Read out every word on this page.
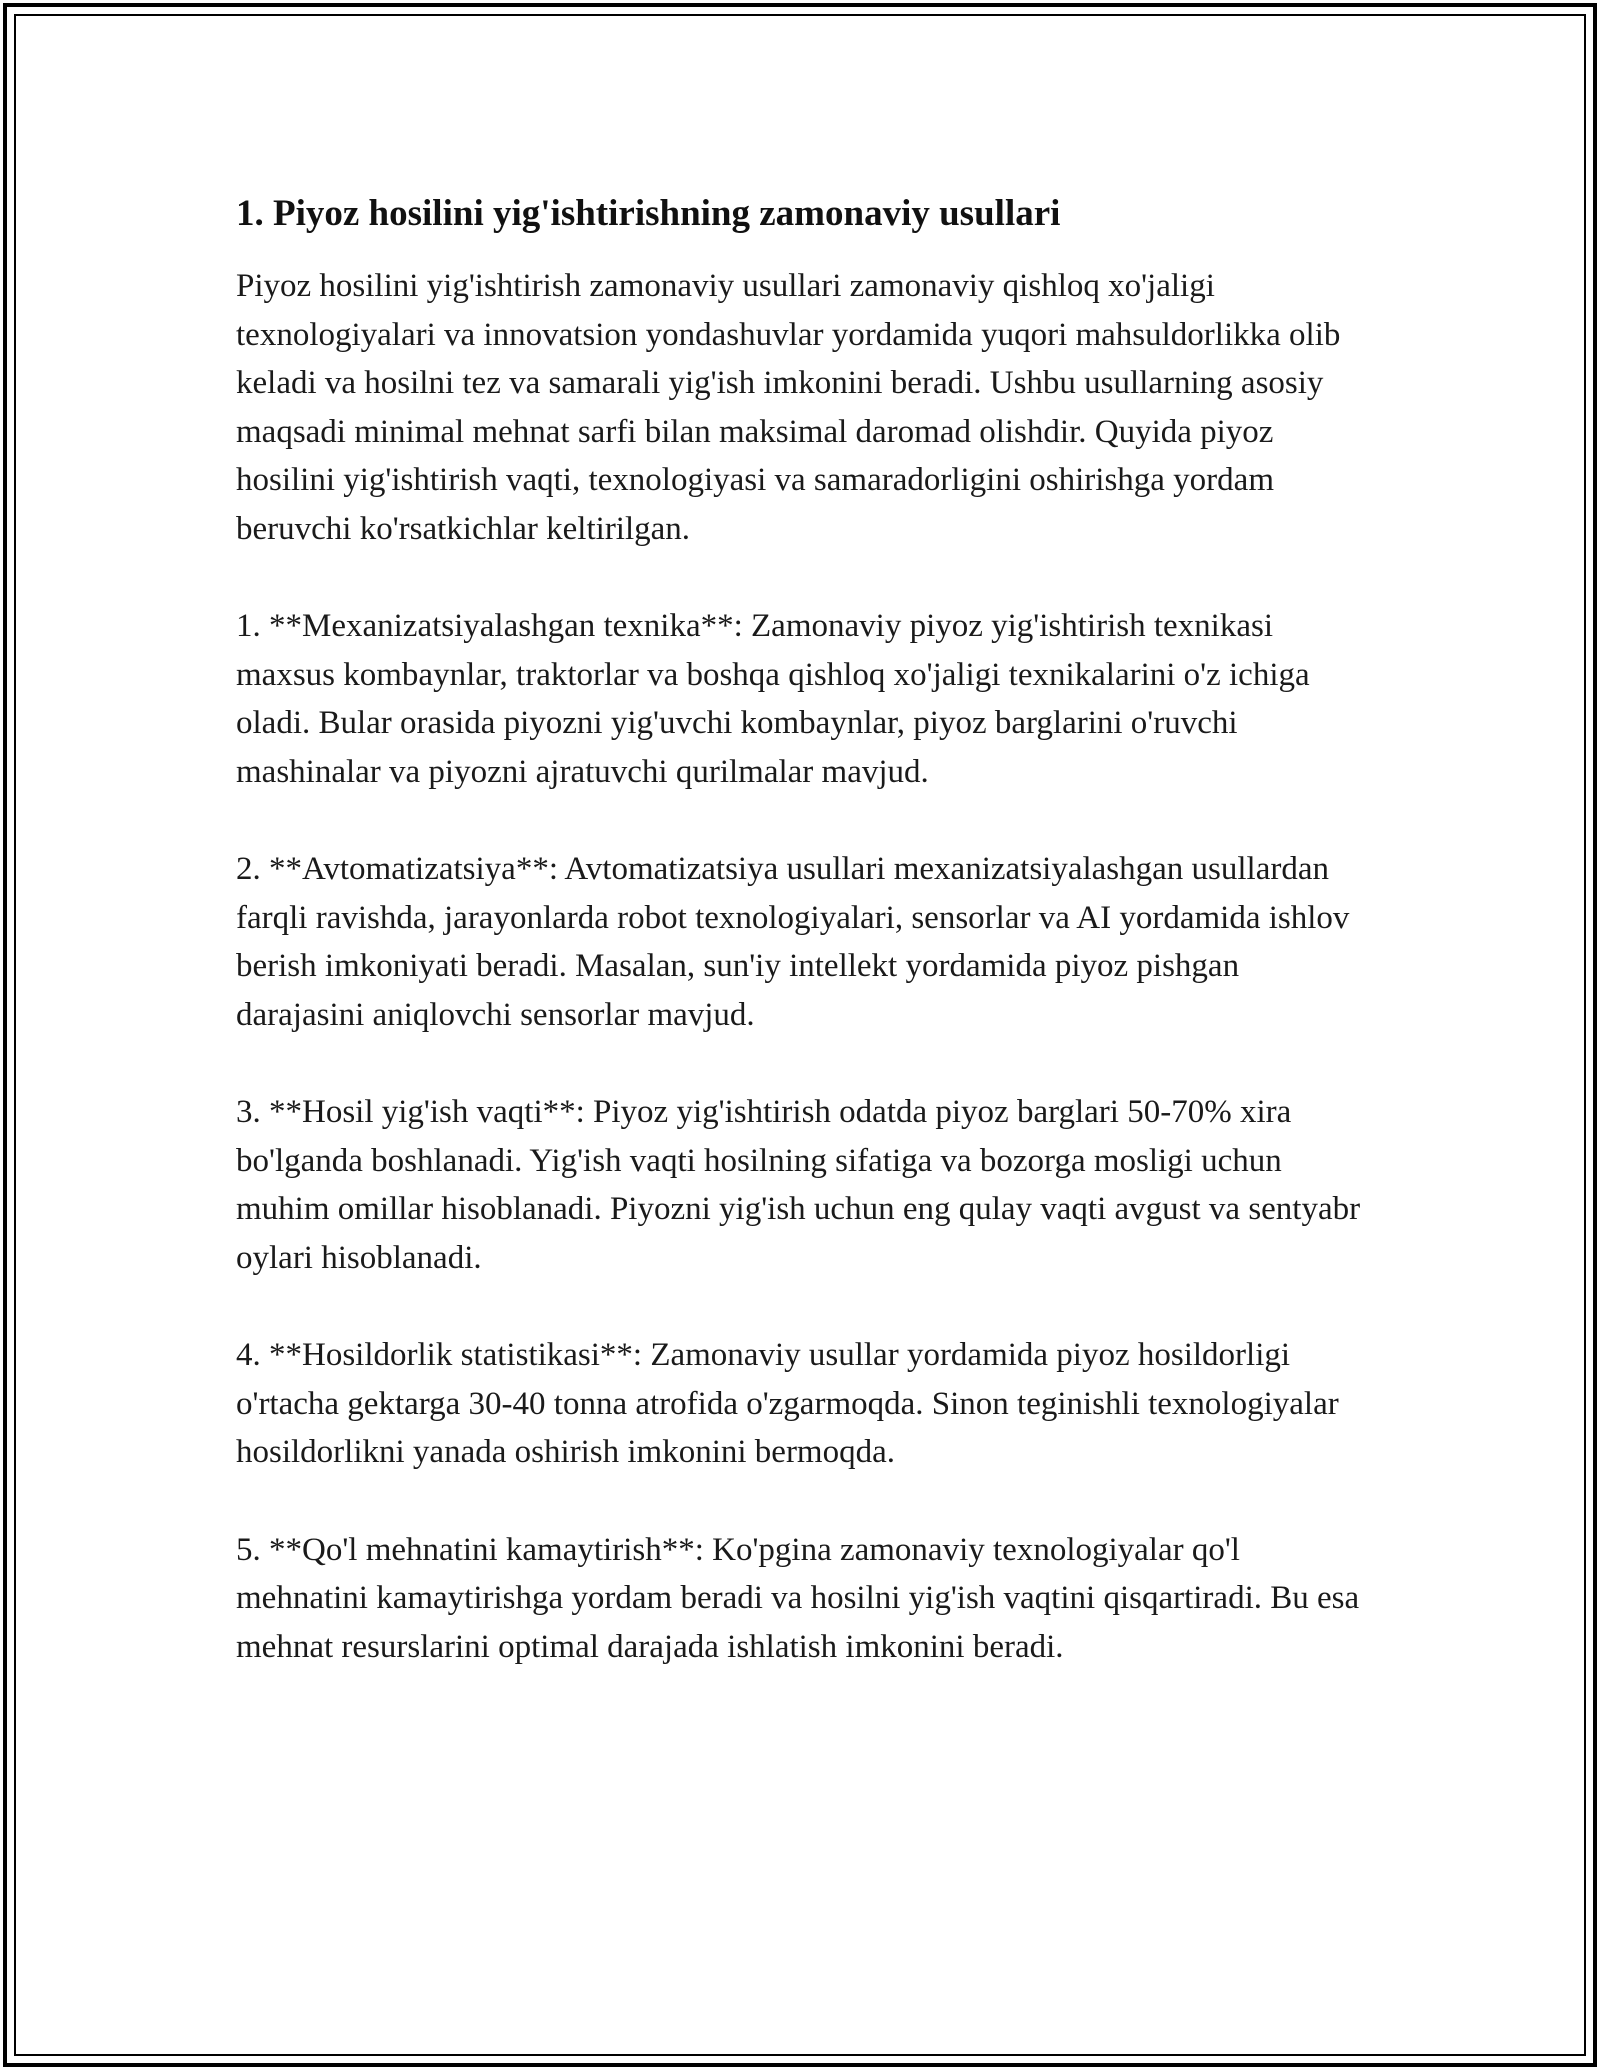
1. Piyoz hosilini yig'ishtirishning zamonaviy usullari

Piyoz hosilini yig'ishtirish zamonaviy usullari zamonaviy qishloq xo'jaligi texnologiyalari va innovatsion yondashuvlar yordamida yuqori mahsuldorlikka olib keladi va hosilni tez va samarali yig'ish imkonini beradi. Ushbu usullarning asosiy maqsadi minimal mehnat sarfi bilan maksimal daromad olishdir. Quyida piyoz hosilini yig'ishtirish vaqti, texnologiyasi va samaradorligini oshirishga yordam beruvchi ko'rsatkichlar keltirilgan.

1. **Mexanizatsiyalashgan texnika**: Zamonaviy piyoz yig'ishtirish texnikasi maxsus kombaynlar, traktorlar va boshqa qishloq xo'jaligi texnikalarini o'z ichiga oladi. Bular orasida piyozni yig'uvchi kombaynlar, piyoz barglarini o'ruvchi mashinalar va piyozni ajratuvchi qurilmalar mavjud.

2. **Avtomatizatsiya**: Avtomatizatsiya usullari mexanizatsiyalashgan usullardan farqli ravishda, jarayonlarda robot texnologiyalari, sensorlar va AI yordamida ishlov berish imkoniyati beradi. Masalan, sun'iy intellekt yordamida piyoz pishgan darajasini aniqlovchi sensorlar mavjud.

3. **Hosil yig'ish vaqti**: Piyoz yig'ishtirish odatda piyoz barglari 50-70% xira bo'lganda boshlanadi. Yig'ish vaqti hosilning sifatiga va bozorga mosligi uchun muhim omillar hisoblanadi. Piyozni yig'ish uchun eng qulay vaqti avgust va sentyabr oylari hisoblanadi.

4. **Hosildorlik statistikasi**: Zamonaviy usullar yordamida piyoz hosildorligi o'rtacha gektarga 30-40 tonna atrofida o'zgarmoqda. Sinon teginishli texnologiyalar hosildorlikni yanada oshirish imkonini bermoqda.

5. **Qo'l mehnatini kamaytirish**: Ko'pgina zamonaviy texnologiyalar qo'l mehnatini kamaytirishga yordam beradi va hosilni yig'ish vaqtini qisqartiradi. Bu esa mehnat resurslarini optimal darajada ishlatish imkonini beradi.
